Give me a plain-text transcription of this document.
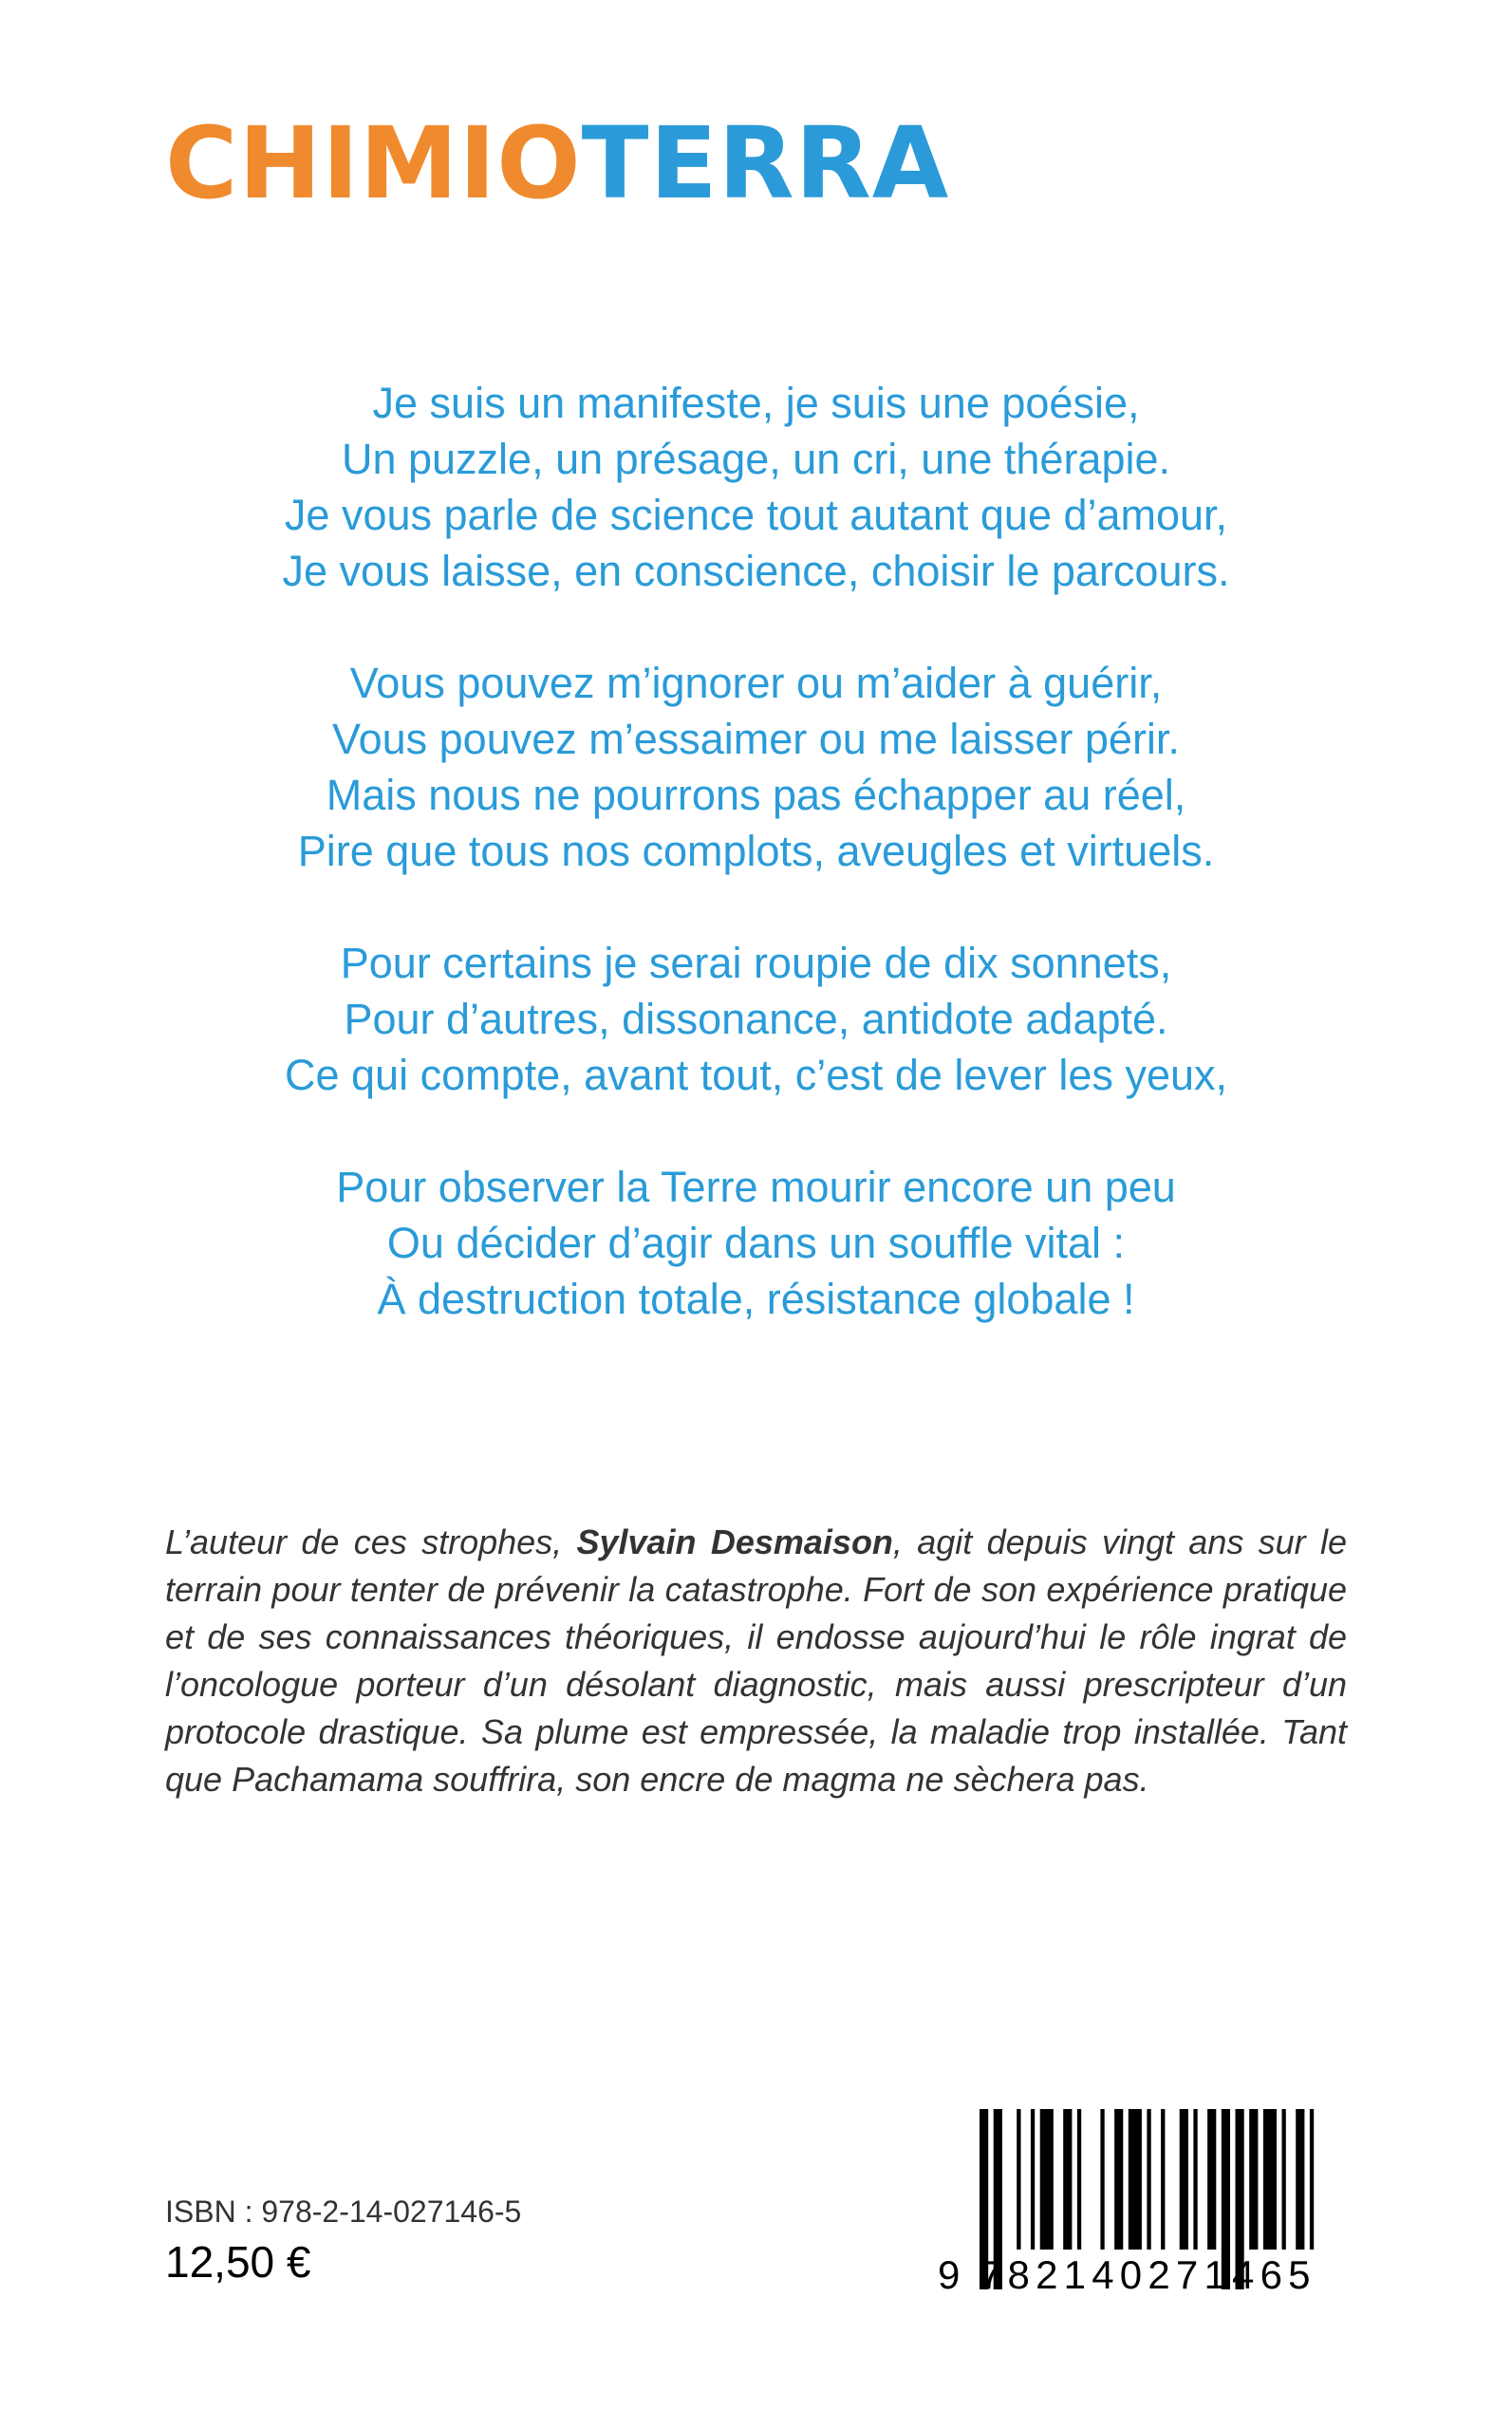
CHIMIOTERRA
Je suis un manifeste, je suis une poésie,
Un puzzle, un présage, un cri, une thérapie.
Je vous parle de science tout autant que d’amour,
Je vous laisse, en conscience, choisir le parcours.
Vous pouvez m’ignorer ou m’aider à guérir,
Vous pouvez m’essaimer ou me laisser périr.
Mais nous ne pourrons pas échapper au réel,
Pire que tous nos complots, aveugles et virtuels.
Pour certains je serai roupie de dix sonnets,
Pour d’autres, dissonance, antidote adapté.
Ce qui compte, avant tout, c’est de lever les yeux,
Pour observer la Terre mourir encore un peu
Ou décider d’agir dans un souffle vital :
À destruction totale, résistance globale !

L’auteur de ces strophes, Sylvain Desmaison, agit depuis vingt ans sur le terrain pour tenter de prévenir la catastrophe. Fort de son expérience pratique et de ses connaissances théoriques, il endosse aujourd’hui le rôle ingrat de l’oncologue porteur d’un désolant diagnostic, mais aussi prescripteur d’un protocole drastique. Sa plume est empressée, la maladie trop installée. Tant que Pachamama souffrira, son encre de magma ne sèchera pas.

ISBN : 978-2-14-027146-5
12,50 €	9 782140271465
